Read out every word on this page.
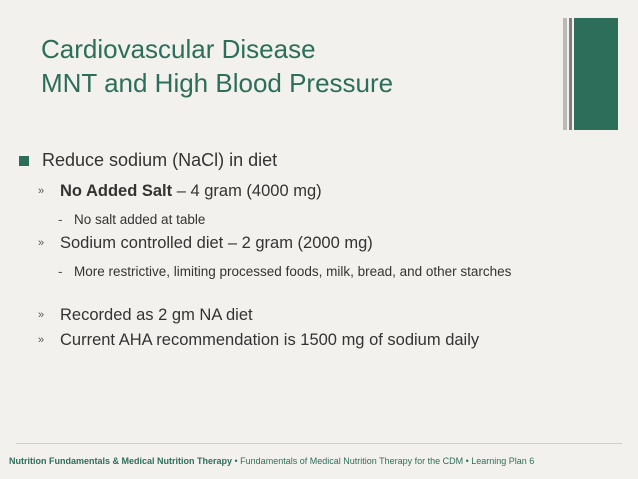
Cardiovascular Disease
MNT and High Blood Pressure
Reduce sodium (NaCl) in diet
» No Added Salt – 4 gram (4000 mg)
- No salt added at table
» Sodium controlled diet – 2 gram (2000 mg)
- More restrictive, limiting processed foods, milk, bread, and other starches
» Recorded as 2 gm NA diet
» Current AHA recommendation is 1500 mg of sodium daily
Nutrition Fundamentals & Medical Nutrition Therapy • Fundamentals of Medical Nutrition Therapy for the CDM • Learning Plan 6
